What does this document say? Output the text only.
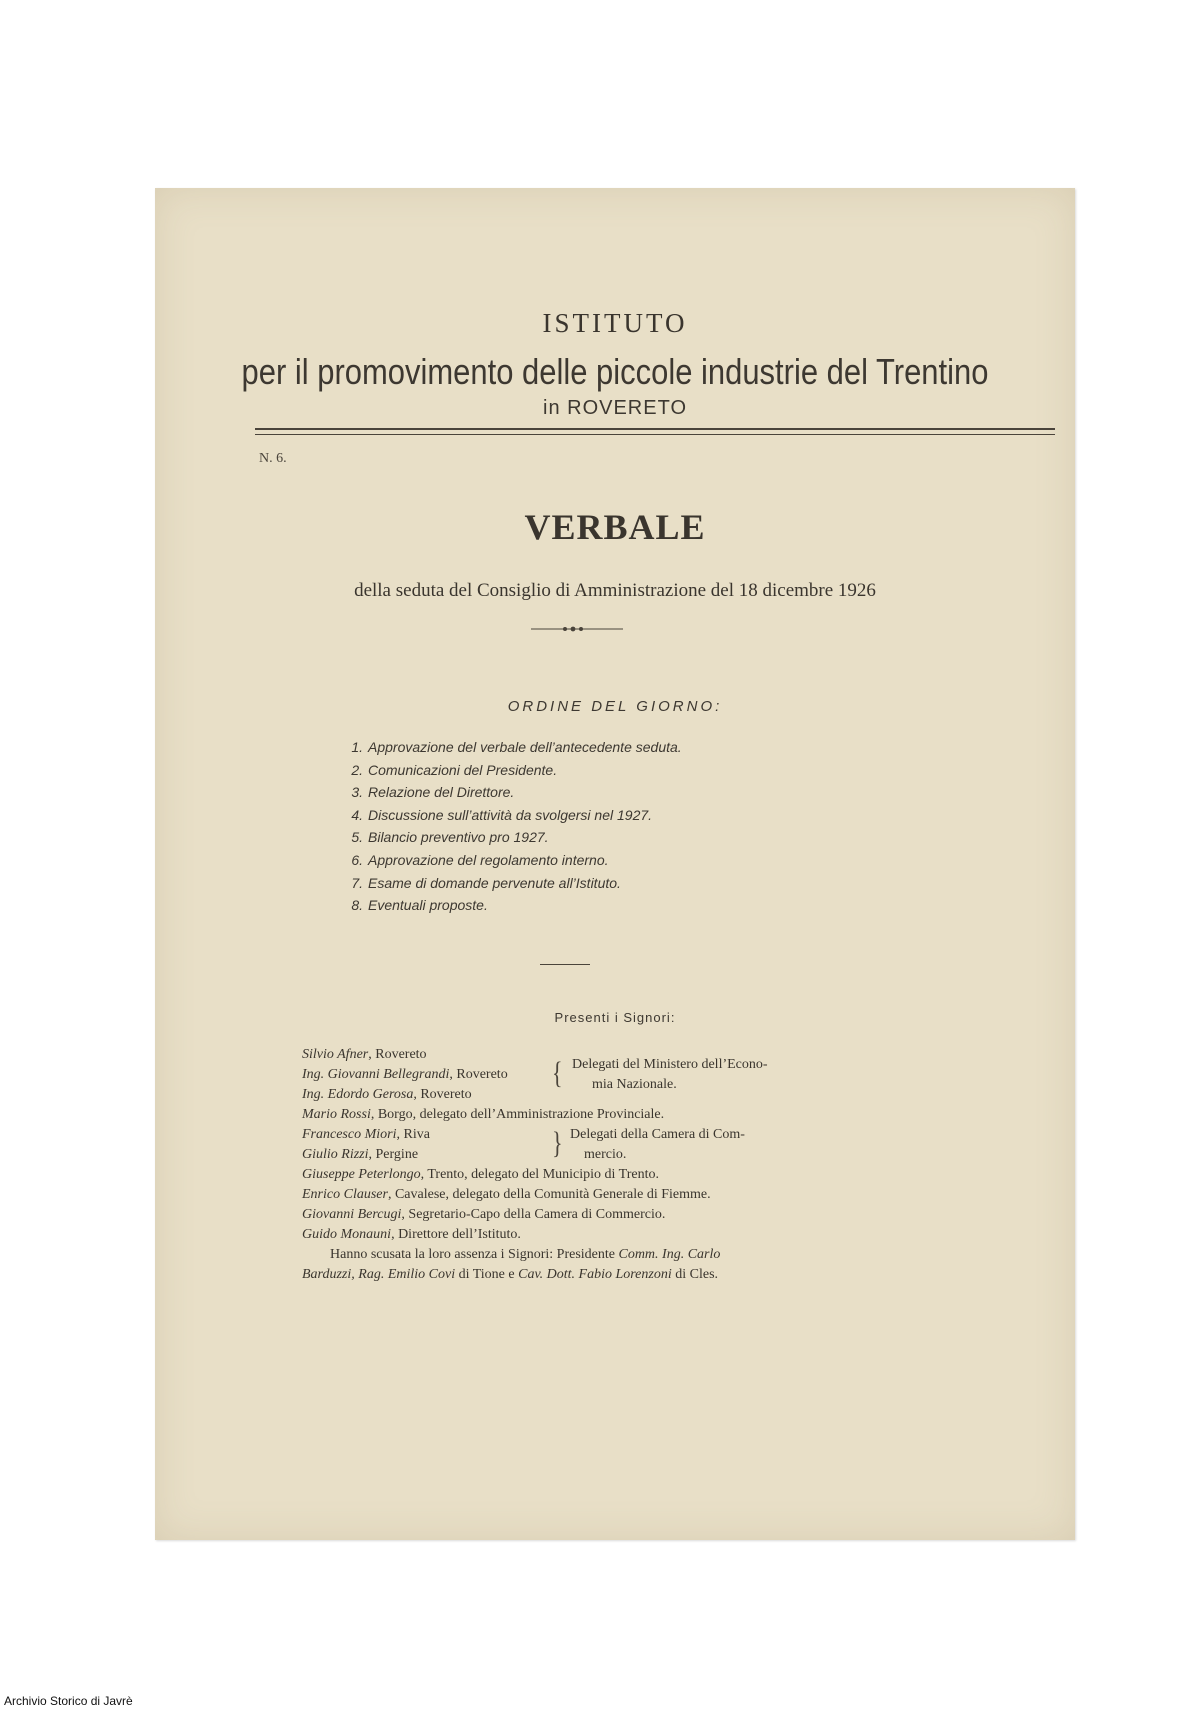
ISTITUTO
per il promovimento delle piccole industrie del Trentino
in ROVERETO
N. 6.
VERBALE
della seduta del Consiglio di Amministrazione del 18 dicembre 1926
ORDINE DEL GIORNO:
1. Approvazione del verbale dell’antecedente seduta.
2. Comunicazioni del Presidente.
3. Relazione del Direttore.
4. Discussione sull’attività da svolgersi nel 1927.
5. Bilancio preventivo pro 1927.
6. Approvazione del regolamento interno.
7. Esame di domande pervenute all’Istituto.
8. Eventuali proposte.
Presenti i Signori:
Silvio Afner, Rovereto
Ing. Giovanni Bellegrandi, Rovereto
Ing. Edordo Gerosa, Rovereto
{ Delegati del Ministero dell’Econo-
mia Nazionale.
Mario Rossi, Borgo, delegato dell’Amministrazione Provinciale.
Francesco Miori, Riva
Giulio Rizzi, Pergine	} Delegati della Camera di Com-
mercio.
Giuseppe Peterlongo, Trento, delegato del Municipio di Trento.
Enrico Clauser, Cavalese, delegato della Comunità Generale di Fiemme.
Giovanni Bercugi, Segretario-Capo della Camera di Commercio.
Guido Monauni, Direttore dell’Istituto.
Hanno scusata la loro assenza i Signori: Presidente Comm. Ing. Carlo
Barduzzi, Rag. Emilio Covi di Tione e Cav. Dott. Fabio Lorenzoni di Cles.
Archivio Storico di Javrè
